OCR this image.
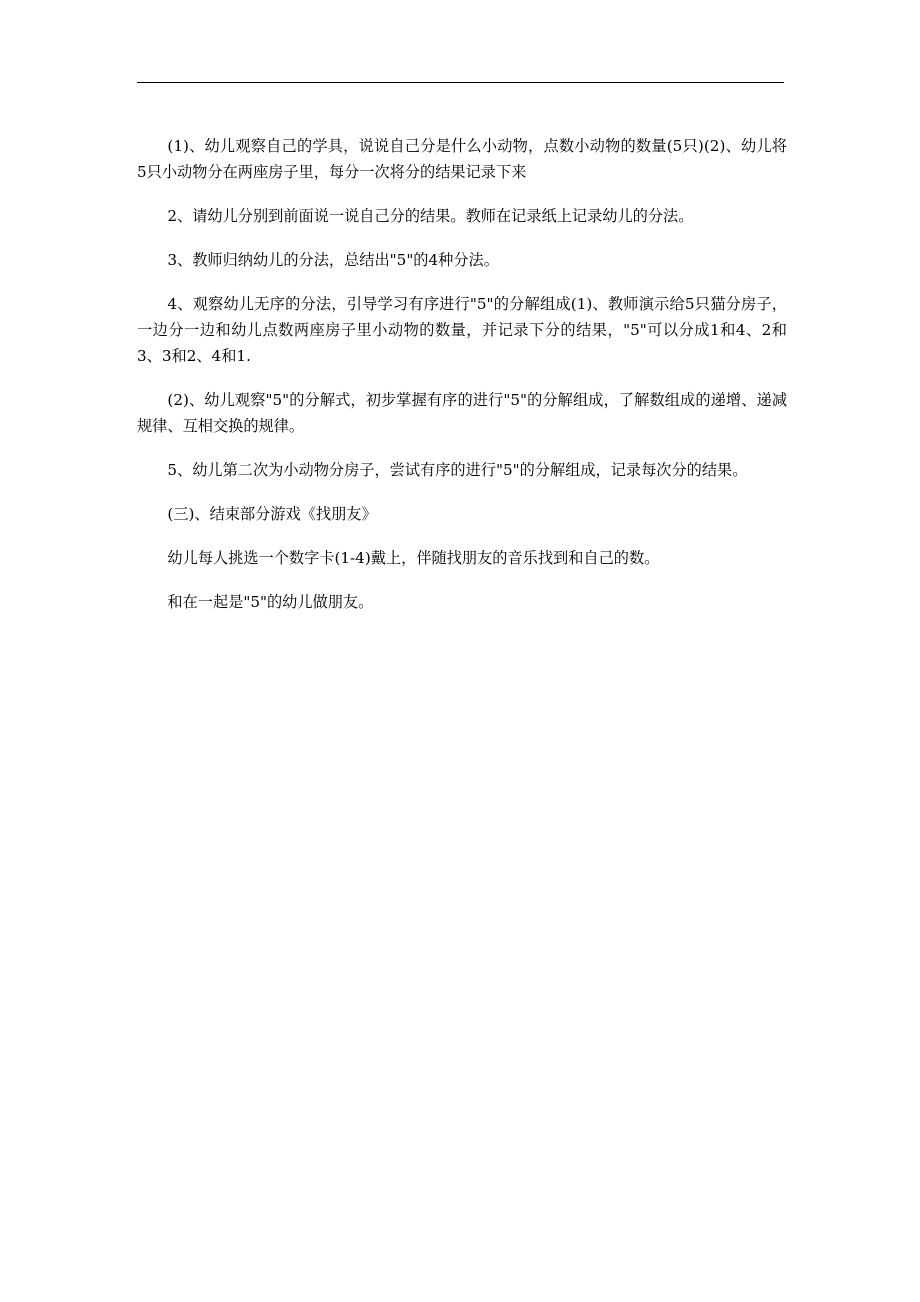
(1)、幼儿观察自己的学具，说说自己分是什么小动物，点数小动物的数量(5只)(2)、幼儿将5只小动物分在两座房子里，每分一次将分的结果记录下来

2、请幼儿分别到前面说一说自己分的结果。教师在记录纸上记录幼儿的分法。

3、教师归纳幼儿的分法，总结出"5"的4种分法。

4、观察幼儿无序的分法，引导学习有序进行"5"的分解组成(1)、教师演示给5只猫分房子，一边分一边和幼儿点数两座房子里小动物的数量，并记录下分的结果，"5"可以分成1和4、2和3、3和2、4和1.

(2)、幼儿观察"5"的分解式，初步掌握有序的进行"5"的分解组成，了解数组成的递增、递减规律、互相交换的规律。

5、幼儿第二次为小动物分房子，尝试有序的进行"5"的分解组成，记录每次分的结果。

(三)、结束部分游戏《找朋友》

幼儿每人挑选一个数字卡(1-4)戴上，伴随找朋友的音乐找到和自己的数。

和在一起是"5"的幼儿做朋友。
